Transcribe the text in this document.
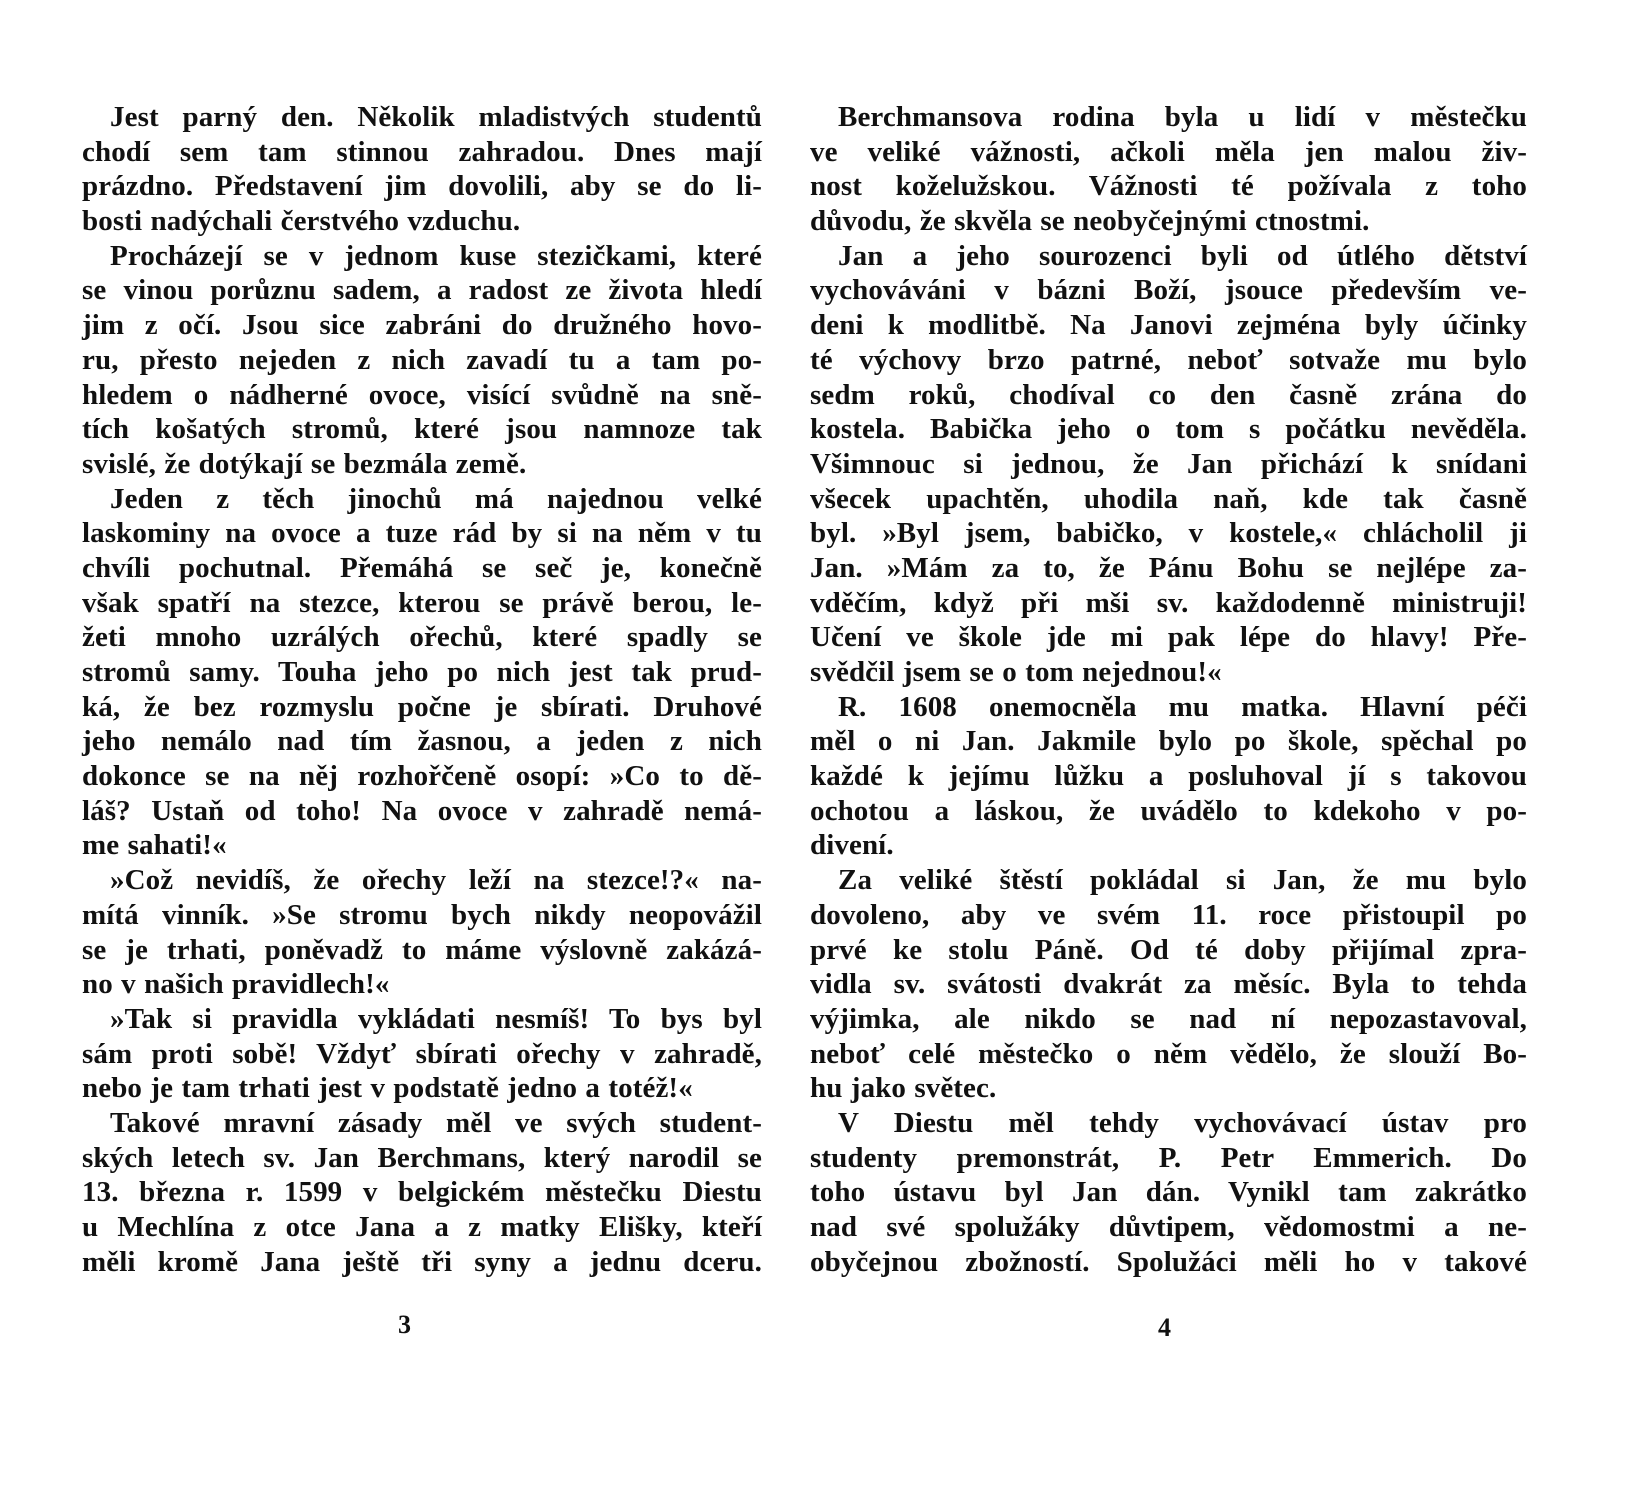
Jest parný den. Několik mladistvých studentů
chodí sem tam stinnou zahradou. Dnes mají
prázdno. Představení jim dovolili, aby se do li-
bosti nadýchali čerstvého vzduchu.
Procházejí se v jednom kuse stezičkami, které
se vinou porůznu sadem, a radost ze života hledí
jim z očí. Jsou sice zabráni do družného hovo-
ru, přesto nejeden z nich zavadí tu a tam po-
hledem o nádherné ovoce, visící svůdně na sně-
tích košatých stromů, které jsou namnoze tak
svislé, že dotýkají se bezmála země.
Jeden z těch jinochů má najednou velké
laskominy na ovoce a tuze rád by si na něm v tu
chvíli pochutnal. Přemáhá se seč je, konečně
však spatří na stezce, kterou se právě berou, le-
žeti mnoho uzrálých ořechů, které spadly se
stromů samy. Touha jeho po nich jest tak prud-
ká, že bez rozmyslu počne je sbírati. Druhové
jeho nemálo nad tím žasnou, a jeden z nich
dokonce se na něj rozhořčeně osopí: »Co to dě-
láš? Ustaň od toho! Na ovoce v zahradě nemá-
me sahati!«
»Což nevidíš, že ořechy leží na stezce!?« na-
mítá vinník. »Se stromu bych nikdy neopovážil
se je trhati, poněvadž to máme výslovně zakázá-
no v našich pravidlech!«
»Tak si pravidla vykládati nesmíš! To bys byl
sám proti sobě! Vždyť sbírati ořechy v zahradě,
nebo je tam trhati jest v podstatě jedno a totéž!«
Takové mravní zásady měl ve svých student-
ských letech sv. Jan Berchmans, který narodil se
13. března r. 1599 v belgickém městečku Diestu
u Mechlína z otce Jana a z matky Elišky, kteří
měli kromě Jana ještě tři syny a jednu dceru.
Berchmansova rodina byla u lidí v městečku
ve veliké vážnosti, ačkoli měla jen malou živ-
nost koželužskou. Vážnosti té požívala z toho
důvodu, že skvěla se neobyčejnými ctnostmi.
Jan a jeho sourozenci byli od útlého dětství
vychováváni v bázni Boží, jsouce především ve-
deni k modlitbě. Na Janovi zejména byly účinky
té výchovy brzo patrné, neboť sotvaže mu bylo
sedm roků, chodíval co den časně zrána do
kostela. Babička jeho o tom s počátku nevěděla.
Všimnouc si jednou, že Jan přichází k snídani
všecek upachtěn, uhodila naň, kde tak časně
byl. »Byl jsem, babičko, v kostele,« chlácholil ji
Jan. »Mám za to, že Pánu Bohu se nejlépe za-
vděčím, když při mši sv. každodenně ministruji!
Učení ve škole jde mi pak lépe do hlavy! Pře-
svědčil jsem se o tom nejednou!«
R. 1608 onemocněla mu matka. Hlavní péči
měl o ni Jan. Jakmile bylo po škole, spěchal po
každé k jejímu lůžku a posluhoval jí s takovou
ochotou a láskou, že uvádělo to kdekoho v po-
divení.
Za veliké štěstí pokládal si Jan, že mu bylo
dovoleno, aby ve svém 11. roce přistoupil po
prvé ke stolu Páně. Od té doby přijímal zpra-
vidla sv. svátosti dvakrát za měsíc. Byla to tehda
výjimka, ale nikdo se nad ní nepozastavoval,
neboť celé městečko o něm vědělo, že slouží Bo-
hu jako světec.
V Diestu měl tehdy vychovávací ústav pro
studenty premonstrát, P. Petr Emmerich. Do
toho ústavu byl Jan dán. Vynikl tam zakrátko
nad své spolužáky důvtipem, vědomostmi a ne-
obyčejnou zbožností. Spolužáci měli ho v takové
3	4
